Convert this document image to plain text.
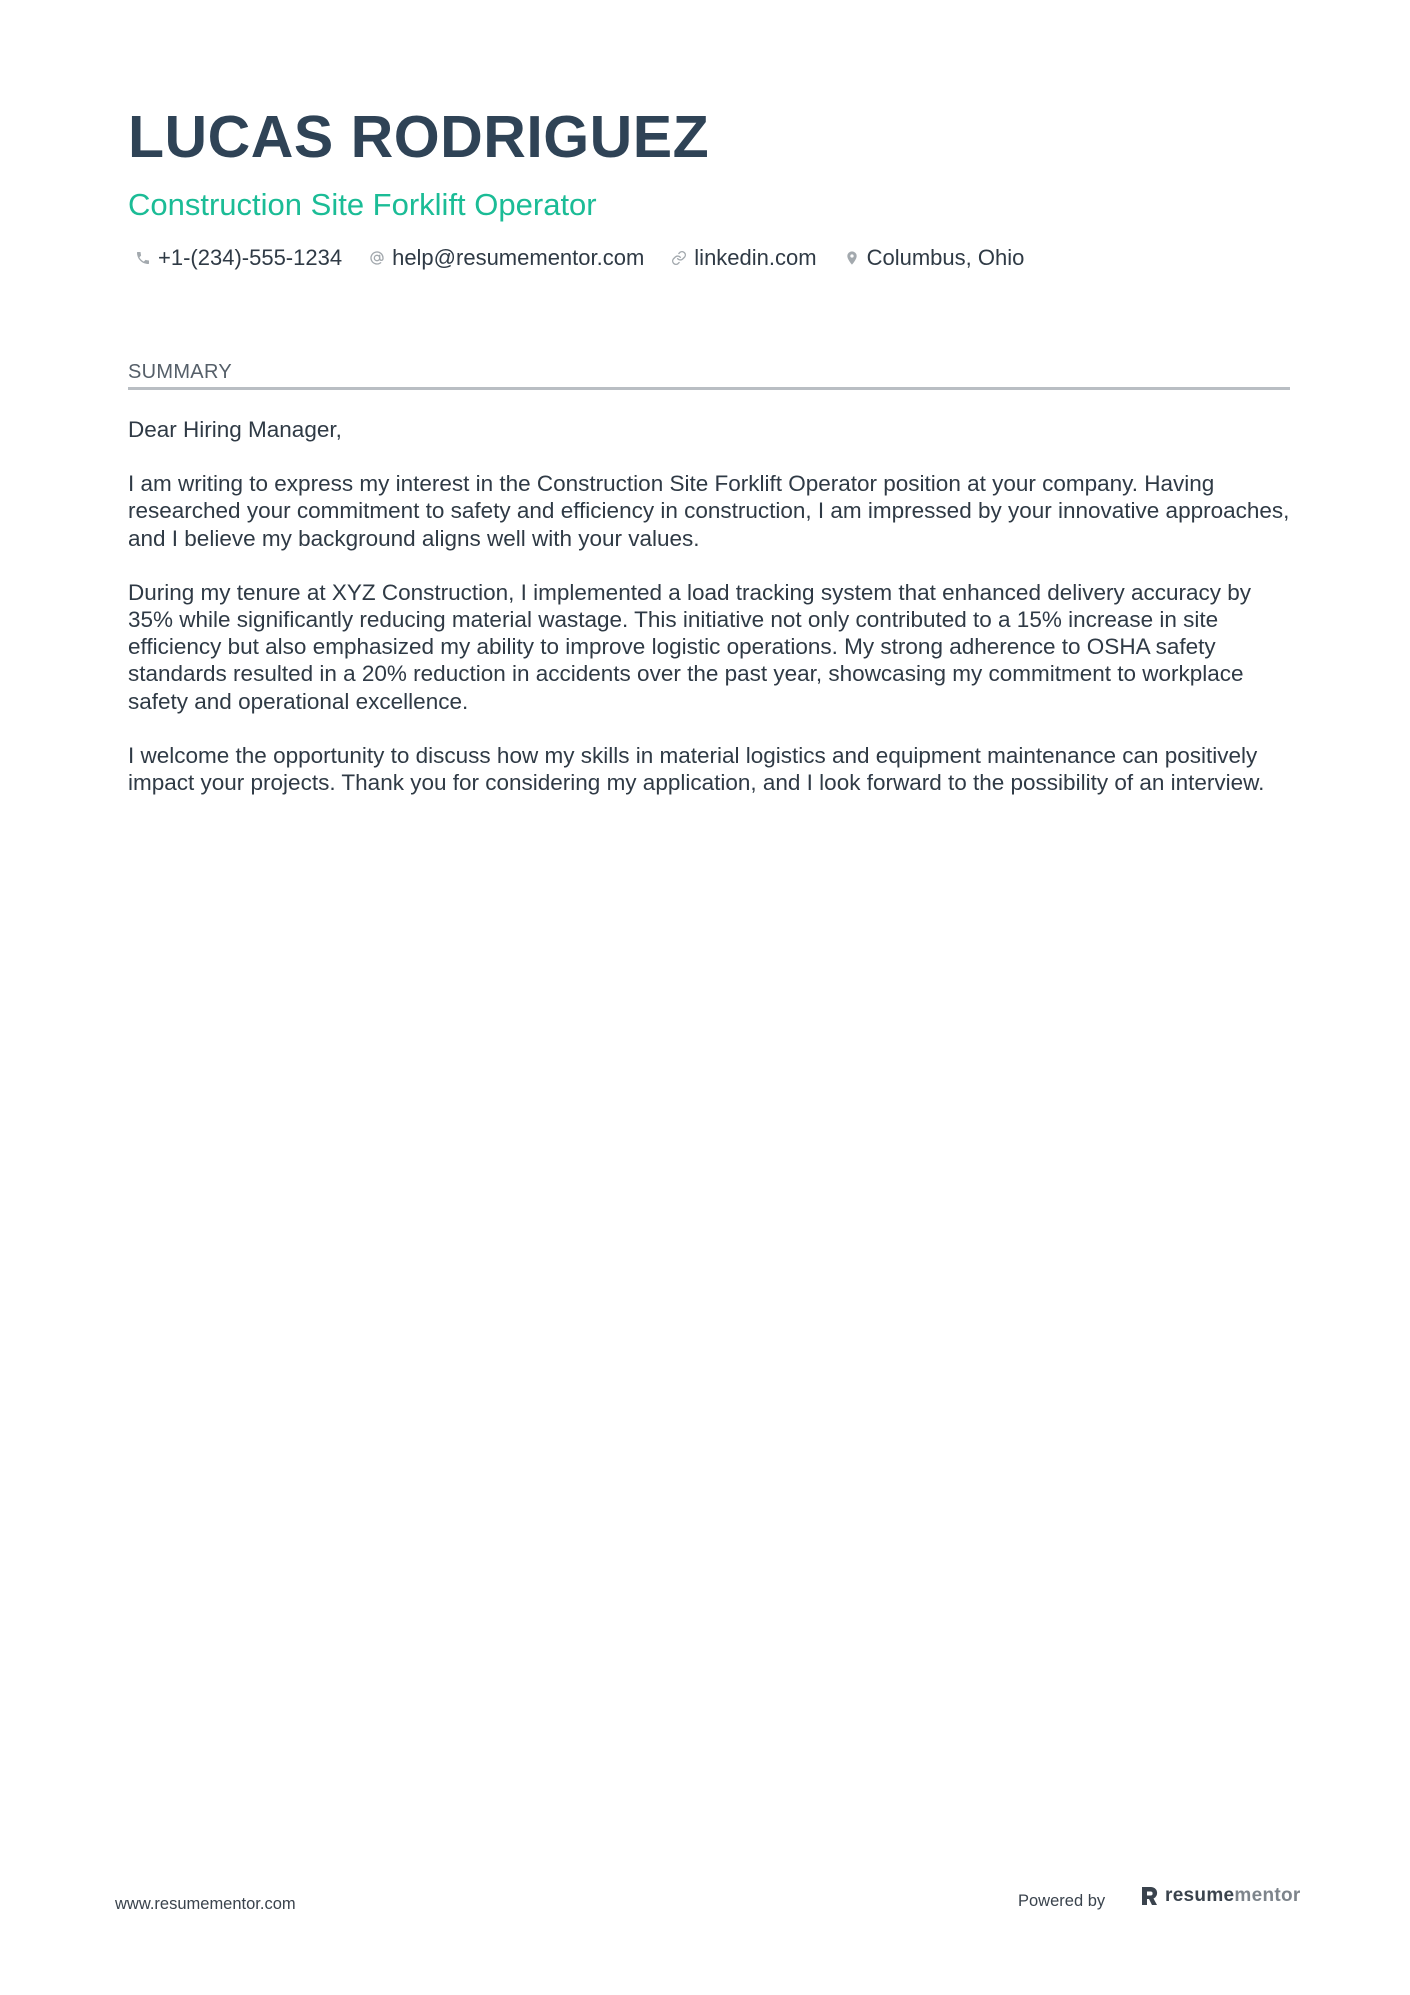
LUCAS RODRIGUEZ
Construction Site Forklift Operator
+1-(234)-555-1234 help@resumementor.com linkedin.com Columbus, Ohio
SUMMARY

Dear Hiring Manager,

I am writing to express my interest in the Construction Site Forklift Operator position at your company. Having researched your commitment to safety and efficiency in construction, I am impressed by your innovative approaches, and I believe my background aligns well with your values.

During my tenure at XYZ Construction, I implemented a load tracking system that enhanced delivery accuracy by 35% while significantly reducing material wastage. This initiative not only contributed to a 15% increase in site efficiency but also emphasized my ability to improve logistic operations. My strong adherence to OSHA safety standards resulted in a 20% reduction in accidents over the past year, showcasing my commitment to workplace safety and operational excellence.

I welcome the opportunity to discuss how my skills in material logistics and equipment maintenance can positively impact your projects. Thank you for considering my application, and I look forward to the possibility of an interview.

www.resumementor.com	Powered by	resume mentor
